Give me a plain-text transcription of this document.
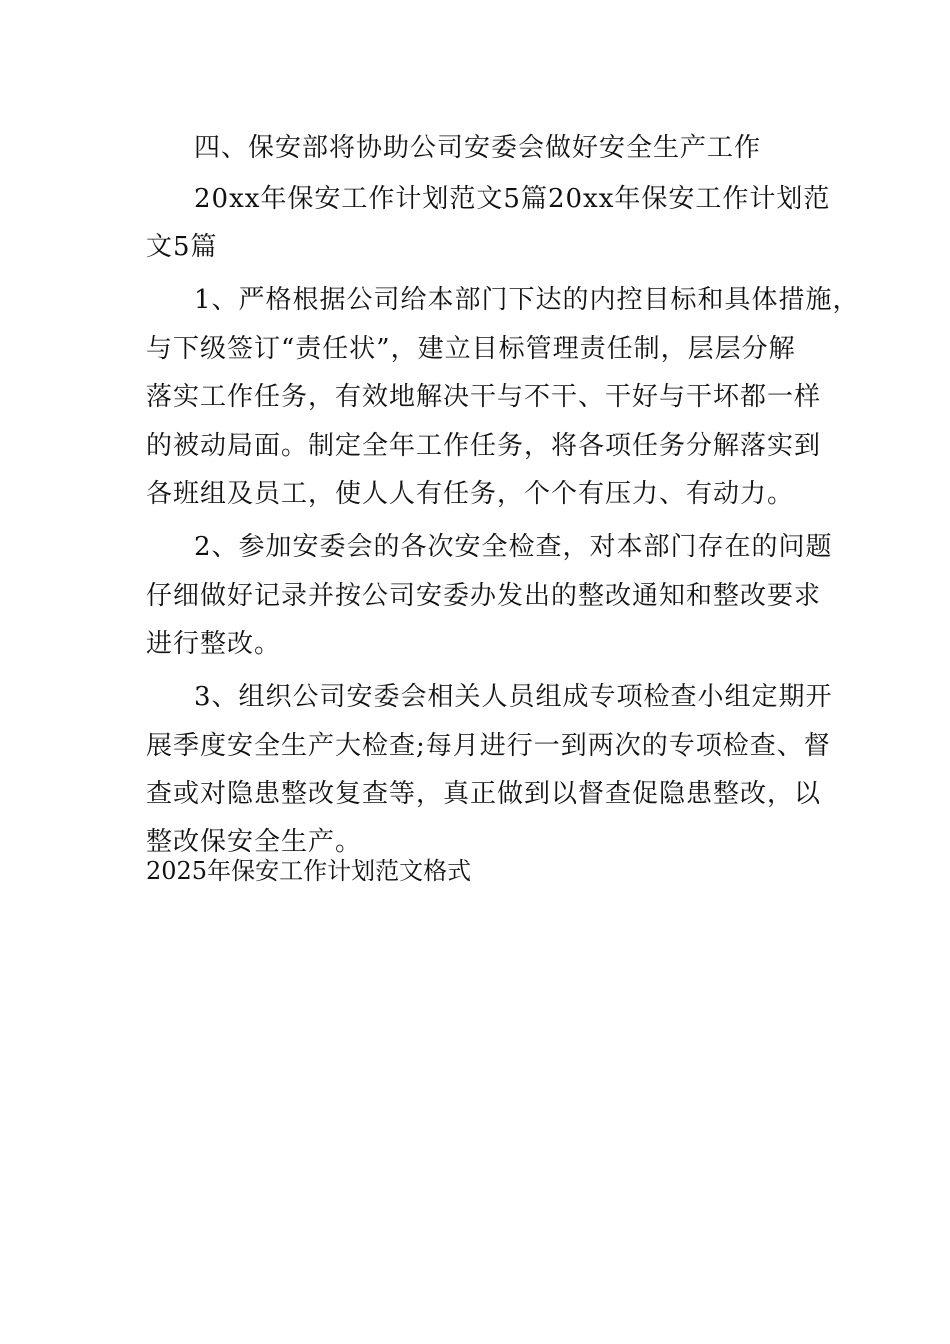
四、保安部将协助公司安委会做好安全生产工作
20xx年保安工作计划范文5篇20xx年保安工作计划范
文5篇
1、严格根据公司给本部门下达的内控目标和具体措施，
与下级签订“责任状”，建立目标管理责任制，层层分解
落实工作任务，有效地解决干与不干、干好与干坏都一样
的被动局面。制定全年工作任务，将各项任务分解落实到
各班组及员工，使人人有任务，个个有压力、有动力。
2、参加安委会的各次安全检查，对本部门存在的问题
仔细做好记录并按公司安委办发出的整改通知和整改要求
进行整改。
3、组织公司安委会相关人员组成专项检查小组定期开
展季度安全生产大检查;每月进行一到两次的专项检查、督
查或对隐患整改复查等，真正做到以督查促隐患整改，以
整改保安全生产。
2025年保安工作计划范文格式
